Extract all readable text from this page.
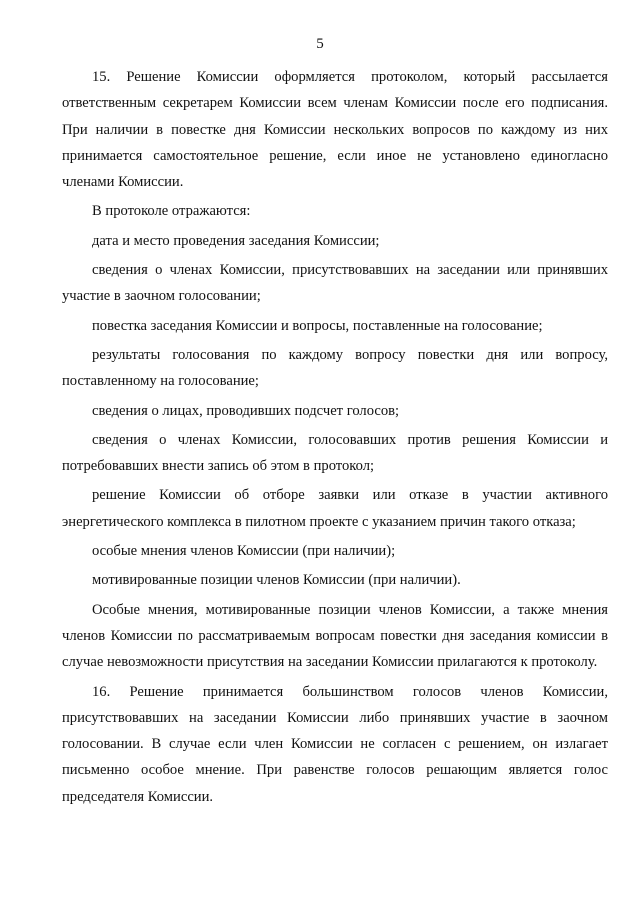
5

15. Решение Комиссии оформляется протоколом, который рассылается ответственным секретарем Комиссии всем членам Комиссии после его подписания. При наличии в повестке дня Комиссии нескольких вопросов по каждому из них принимается самостоятельное решение, если иное не установлено единогласно членами Комиссии.

В протоколе отражаются:

дата и место проведения заседания Комиссии;

сведения о членах Комиссии, присутствовавших на заседании или принявших участие в заочном голосовании;

повестка заседания Комиссии и вопросы, поставленные на голосование;

результаты голосования по каждому вопросу повестки дня или вопросу, поставленному на голосование;

сведения о лицах, проводивших подсчет голосов;

сведения о членах Комиссии, голосовавших против решения Комиссии и потребовавших внести запись об этом в протокол;

решение Комиссии об отборе заявки или отказе в участии активного энергетического комплекса в пилотном проекте с указанием причин такого отказа;

особые мнения членов Комиссии (при наличии);

мотивированные позиции членов Комиссии (при наличии).

Особые мнения, мотивированные позиции членов Комиссии, а также мнения членов Комиссии по рассматриваемым вопросам повестки дня заседания комиссии в случае невозможности присутствия на заседании Комиссии прилагаются к протоколу.

16. Решение принимается большинством голосов членов Комиссии, присутствовавших на заседании Комиссии либо принявших участие в заочном голосовании. В случае если член Комиссии не согласен с решением, он излагает письменно особое мнение. При равенстве голосов решающим является голос председателя Комиссии.
